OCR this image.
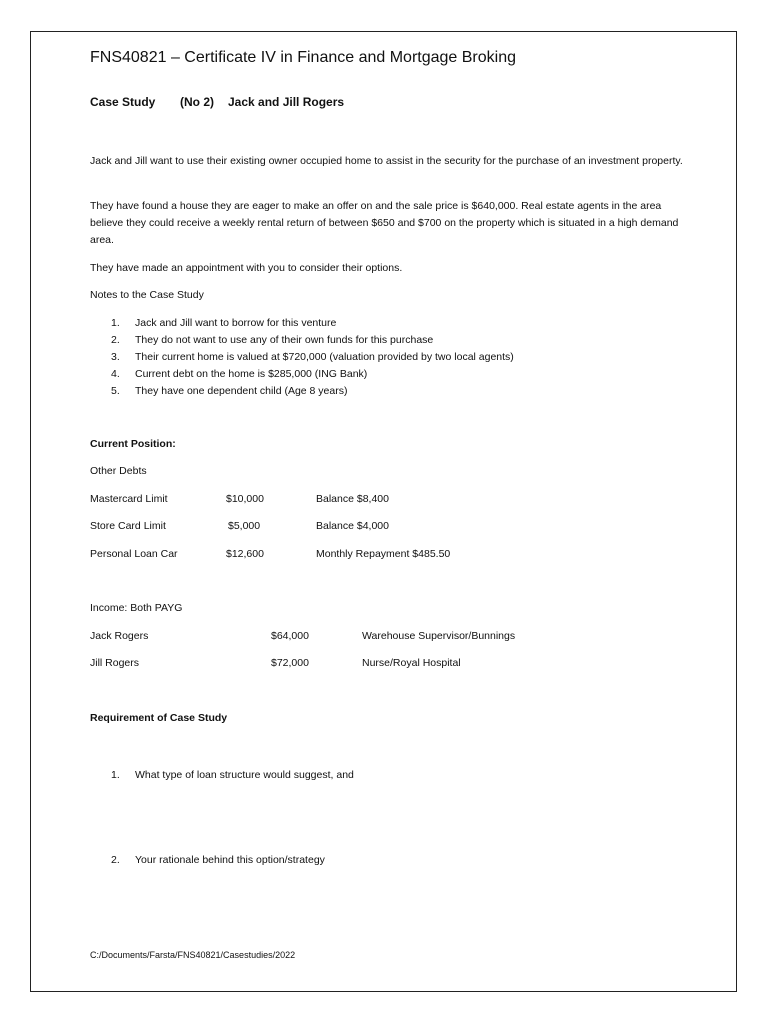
FNS40821 – Certificate IV in Finance and Mortgage Broking
Case Study (No 2) Jack and Jill Rogers
Jack and Jill want to use their existing owner occupied home to assist in the security for the purchase of an investment property.
They have found a house they are eager to make an offer on and the sale price is $640,000. Real estate agents in the area believe they could receive a weekly rental return of between $650 and $700 on the property which is situated in a high demand area.
They have made an appointment with you to consider their options.
Notes to the Case Study
1.	Jack and Jill want to borrow for this venture
2.	They do not want to use any of their own funds for this purchase
3.	Their current home is valued at $720,000 (valuation provided by two local agents)
4.	Current debt on the home is $285,000 (ING Bank)
5.	They have one dependent child (Age 8 years)
Current Position:
Other Debts
Mastercard Limit	$10,000	Balance $8,400
Store Card Limit	$5,000	Balance $4,000
Personal Loan Car	$12,600	Monthly Repayment $485.50
Income: Both PAYG
Jack Rogers	$64,000	Warehouse Supervisor/Bunnings
Jill Rogers	$72,000	Nurse/Royal Hospital
Requirement of Case Study
1.	What type of loan structure would suggest, and
2.	Your rationale behind this option/strategy
C:/Documents/Farsta/FNS40821/Casestudies/2022
